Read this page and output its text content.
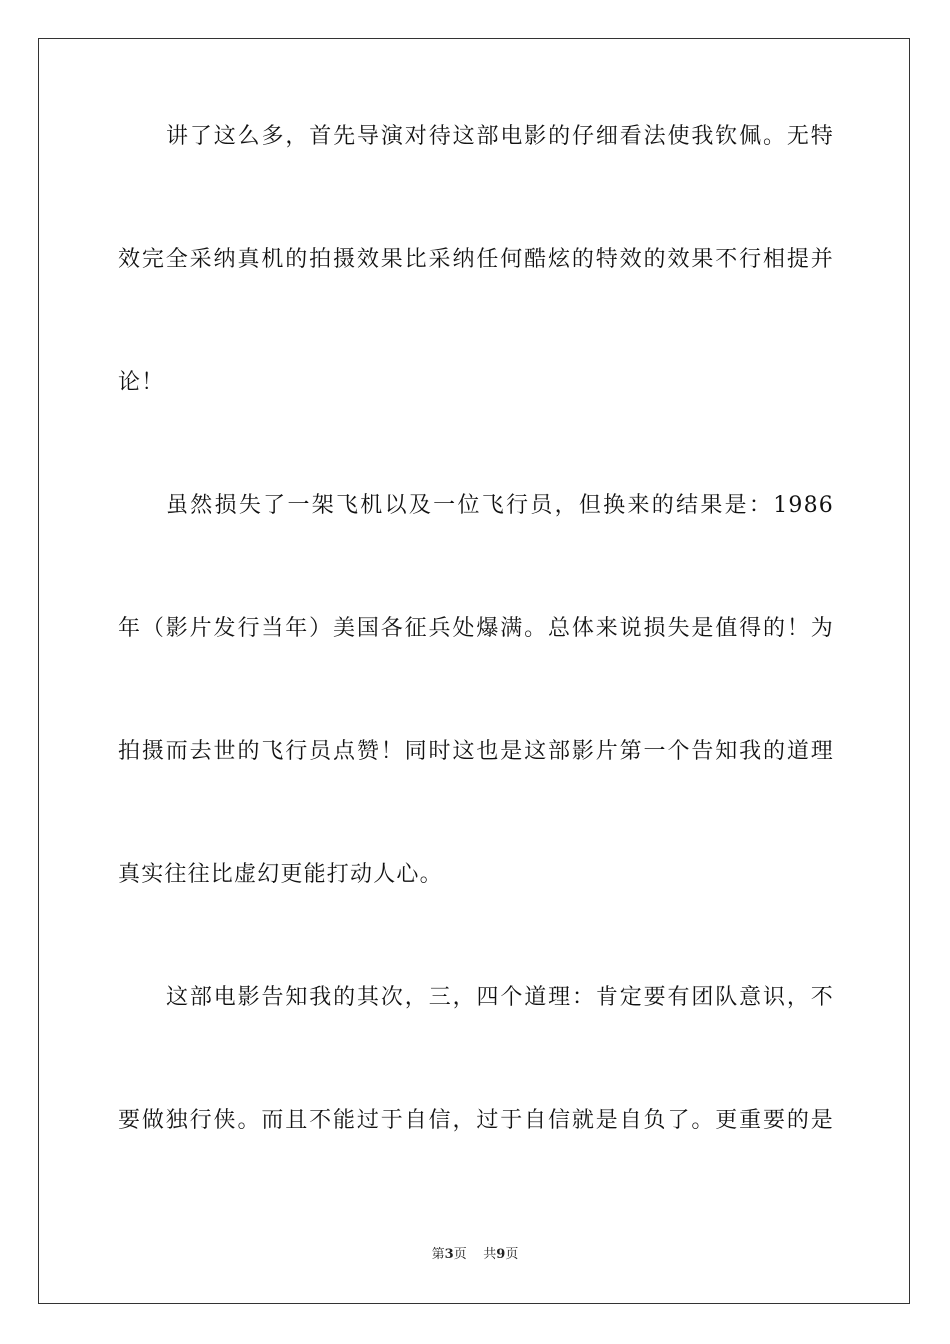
讲了这么多，首先导演对待这部电影的仔细看法使我钦佩。无特
效完全采纳真机的拍摄效果比采纳任何酷炫的特效的效果不行相提并
论！
虽然损失了一架飞机以及一位飞行员，但换来的结果是：1986
年（影片发行当年）美国各征兵处爆满。总体来说损失是值得的！为
拍摄而去世的飞行员点赞！同时这也是这部影片第一个告知我的道理
真实往往比虚幻更能打动人心。
这部电影告知我的其次，三，四个道理：肯定要有团队意识，不
要做独行侠。而且不能过于自信，过于自信就是自负了。更重要的是
第3页 共9页
